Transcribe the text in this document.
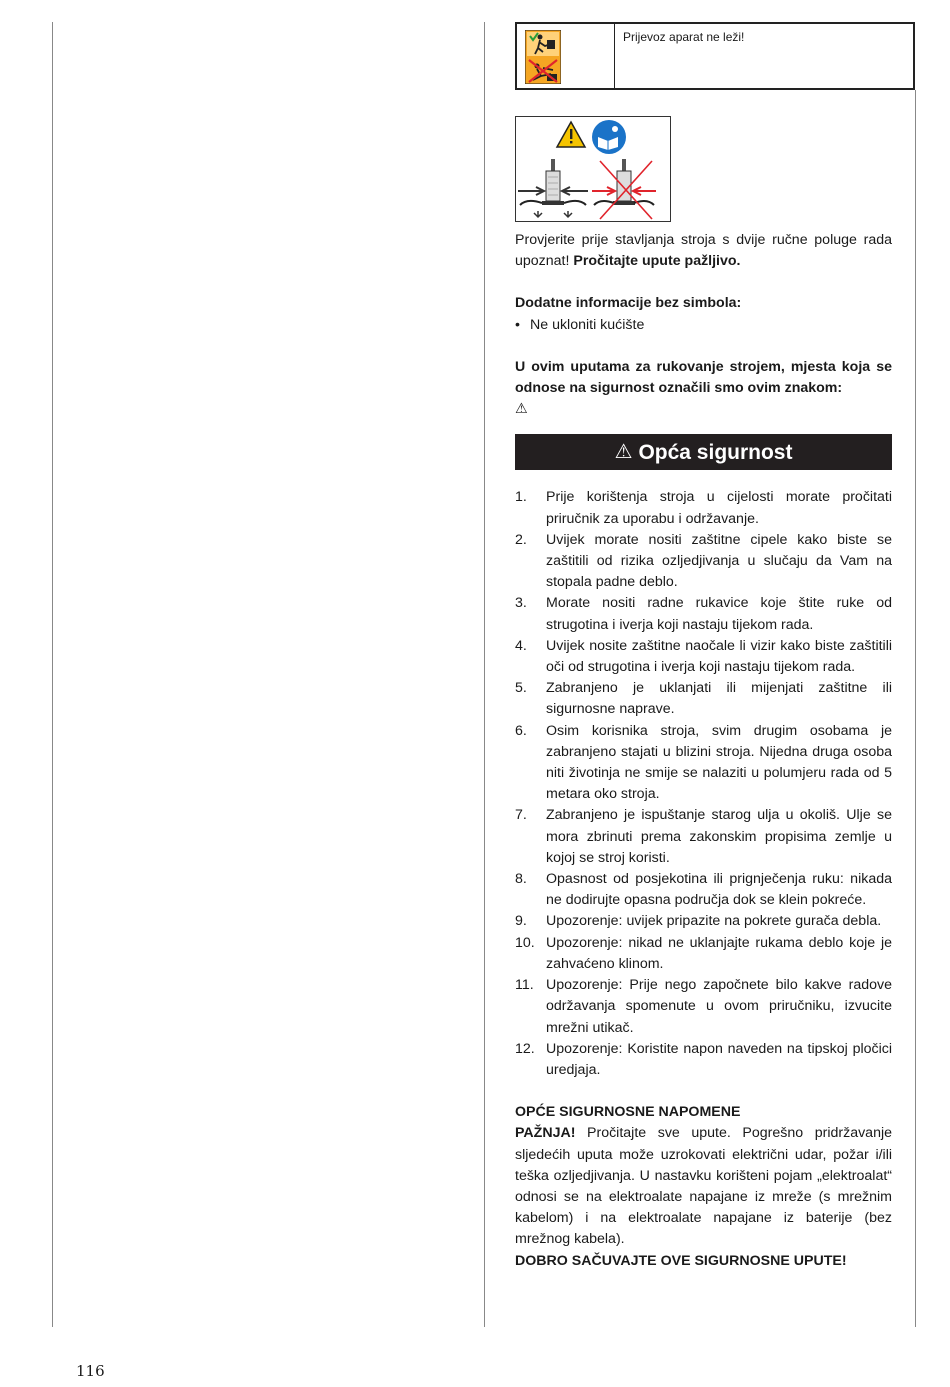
Prijevoz aparat ne leži!

Provjerite prije stavljanja stroja s dvije ručne poluge rada upoznat! Pročitajte upute pažljivo.

Dodatne informacije bez simbola:

• Ne ukloniti kućište

U ovim uputama za rukovanje strojem, mjesta koja se odnose na sigurnost označili smo ovim znakom:

⚠

⚠ Opća sigurnost
1.	Prije korištenja stroja u cijelosti morate pročitati priručnik za uporabu i održavanje.
2.	Uvijek morate nositi zaštitne cipele kako biste se zaštitili od rizika ozljedjivanja u slučaju da Vam na stopala padne deblo.
3.	Morate nositi radne rukavice koje štite ruke od strugotina i iverja koji nastaju tijekom rada.
4.	Uvijek nosite zaštitne naočale li vizir kako biste zaštitili oči od strugotina i iverja koji nastaju tijekom rada.
5.	Zabranjeno je uklanjati ili mijenjati zaštitne ili sigurnosne naprave.
6.	Osim korisnika stroja, svim drugim osobama je zabranjeno stajati u blizini stroja. Nijedna druga osoba niti životinja ne smije se nalaziti u polumjeru rada od 5 metara oko stroja.
7.	Zabranjeno je ispuštanje starog ulja u okoliš. Ulje se mora zbrinuti prema zakonskim propisima zemlje u kojoj se stroj koristi.
8.	Opasnost od posjekotina ili prignječenja ruku: nikada ne dodirujte opasna područja dok se klein pokreće.
9.	Upozorenje: uvijek pripazite na pokrete gurača debla.
10. Upozorenje: nikad ne uklanjajte rukama deblo koje je zahvaćeno klinom.
11. Upozorenje: Prije nego započnete bilo kakve radove održavanja spomenute u ovom priručniku, izvucite mrežni utikač.
12. Upozorenje: Koristite napon naveden na tipskoj pločici uredjaja.

OPĆE SIGURNOSNE NAPOMENE

PAŽNJA! Pročitajte sve upute. Pogrešno pridržavanje sljedećih uputa može uzrokovati električni udar, požar i/ili teška ozljedjivanja. U nastavku korišteni pojam „elektroalat“ odnosi se na elektroalate napajane iz mreže (s mrežnim kabelom) i na elektroalate napajane iz baterije (bez mrežnog kabela).

DOBRO SAČUVAJTE OVE SIGURNOSNE UPUTE!

116
